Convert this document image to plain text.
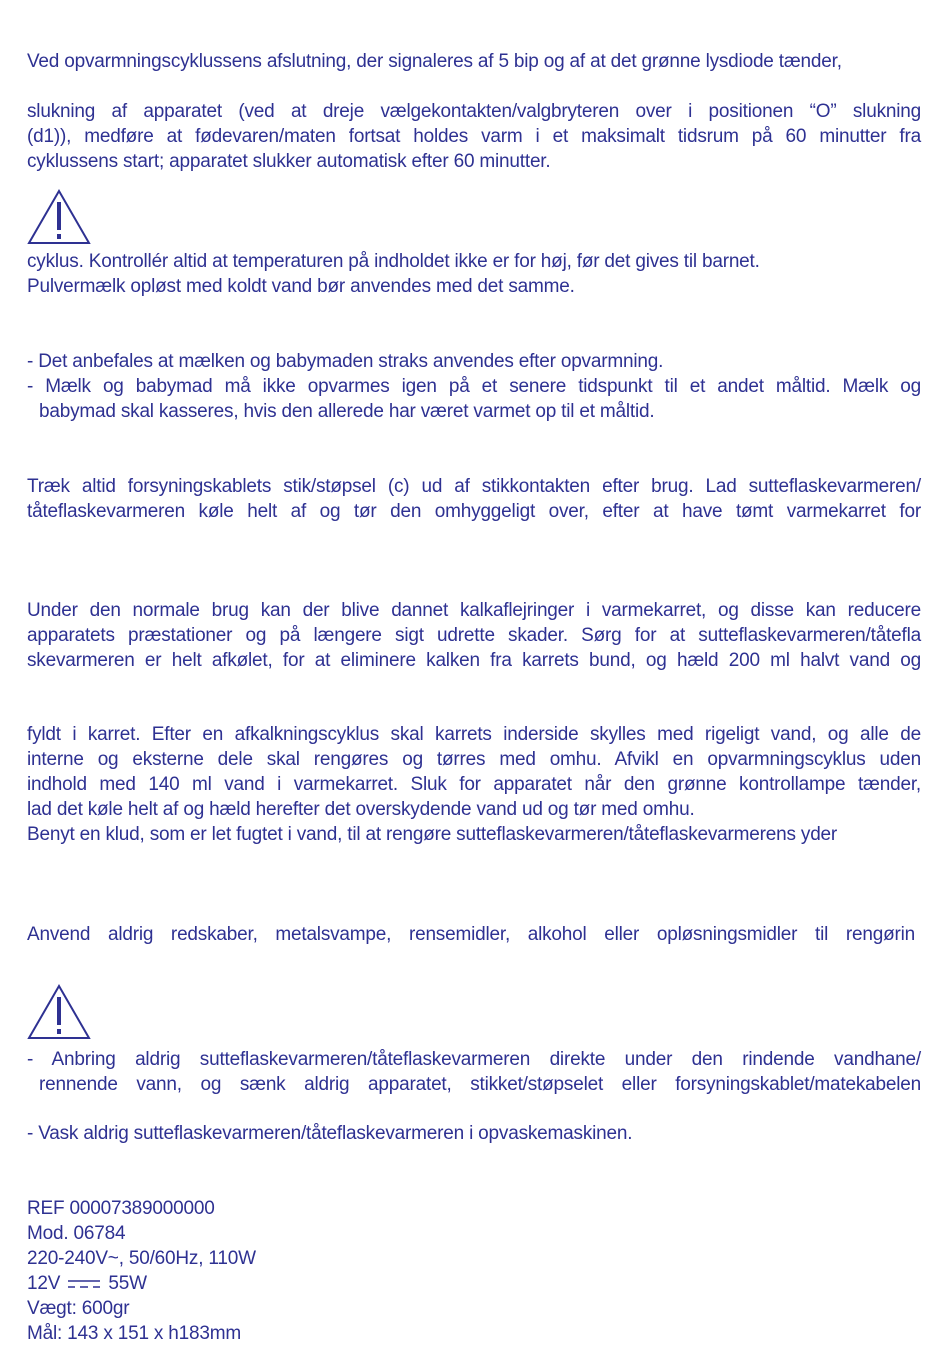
Ved opvarmningscyklussens afslutning, der signaleres af 5 bip og af at det grønne lysdiode tænder,
slukning af apparatet (ved at dreje vælgekontakten/valgbryteren over i positionen “O” slukning
(d1)), medføre at fødevaren/maten fortsat holdes varm i et maksimalt tidsrum på 60 minutter fra
cyklussens start; apparatet slukker automatisk efter 60 minutter.
cyklus. Kontrollér altid at temperaturen på indholdet ikke er for høj, før det gives til barnet.
Pulvermælk opløst med koldt vand bør anvendes med det samme.
- Det anbefales at mælken og babymaden straks anvendes efter opvarmning.
- Mælk og babymad må ikke opvarmes igen på et senere tidspunkt til et andet måltid. Mælk og
babymad skal kasseres, hvis den allerede har været varmet op til et måltid.
Træk altid forsyningskablets stik/støpsel (c) ud af stikkontakten efter brug. Lad sutteflaskevarmeren/
tåteflaskevarmeren køle helt af og tør den omhyggeligt over, efter at have tømt varmekarret for
Under den normale brug kan der blive dannet kalkaflejringer i varmekarret, og disse kan reducere
apparatets præstationer og på længere sigt udrette skader. Sørg for at sutteflaskevarmeren/tåtefla
skevarmeren er helt afkølet, for at eliminere kalken fra karrets bund, og hæld 200 ml halvt vand og
fyldt i karret. Efter en afkalkningscyklus skal karrets inderside skylles med rigeligt vand, og alle de
interne og eksterne dele skal rengøres og tørres med omhu. Afvikl en opvarmningscyklus uden
indhold med 140 ml vand i varmekarret. Sluk for apparatet når den grønne kontrollampe tænder,
lad det køle helt af og hæld herefter det overskydende vand ud og tør med omhu.
Benyt en klud, som er let fugtet i vand, til at rengøre sutteflaskevarmeren/tåteflaskevarmerens yder
Anvend aldrig redskaber, metalsvampe, rensemidler, alkohol eller opløsningsmidler til rengørin
- Anbring aldrig sutteflaskevarmeren/tåteflaskevarmeren direkte under den rindende vandhane/
rennende vann, og sænk aldrig apparatet, stikket/støpselet eller forsyningskablet/matekabelen
- Vask aldrig sutteflaskevarmeren/tåteflaskevarmeren i opvaskemaskinen.
REF 00007389000000
Mod. 06784
220-240V~, 50/60Hz, 110W
12V	55W
Vægt: 600gr
Mål: 143 x 151 x h183mm
